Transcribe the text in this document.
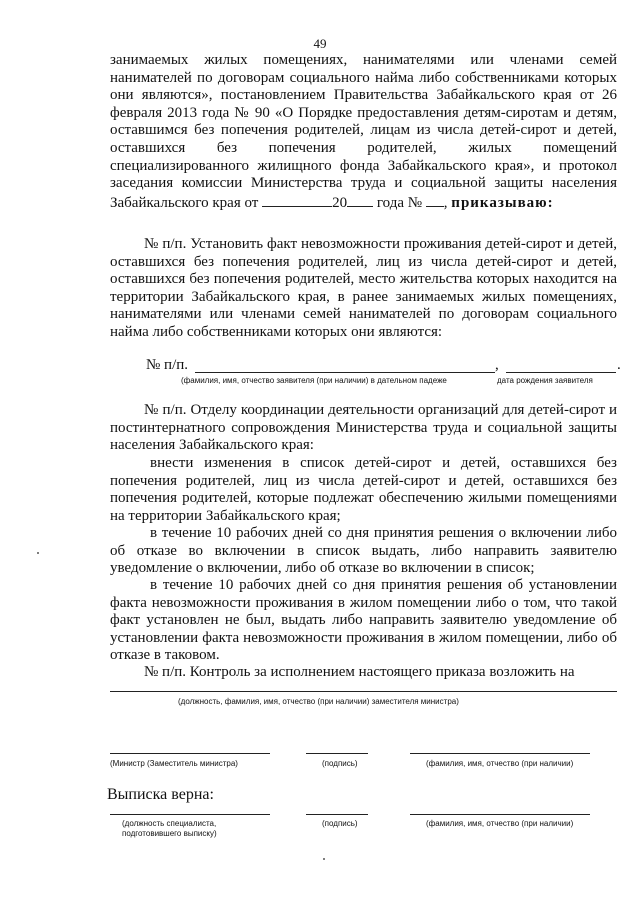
49

занимаемых жилых помещениях, нанимателями или членами семей нанимателей по договорам социального найма либо собственниками которых они являются», постановлением Правительства Забайкальского края от 26 февраля 2013 года № 90 «О Порядке предоставления детям-сиротам и детям, оставшимся без попечения родителей, лицам из числа детей-сирот и детей, оставшихся без попечения родителей, жилых помещений специализированного жилищного фонда Забайкальского края», и протокол заседания комиссии Министерства труда и социальной защиты населения Забайкальского края от	20 года № , приказываю:

№ п/п. Установить факт невозможности проживания детей-сирот и детей, оставшихся без попечения родителей, лиц из числа детей-сирот и детей, оставшихся без попечения родителей, место жительства которых находится на территории Забайкальского края, в ранее занимаемых жилых помещениях, нанимателями или членами семей нанимателей по договорам социального найма либо собственниками которых они являются:

№ п/п.	,	.
(фамилия, имя, отчество заявителя (при наличии) в дательном падеже	дата рождения заявителя

№ п/п. Отделу координации деятельности организаций для детей-сирот и постинтернатного сопровождения Министерства труда и социальной защиты населения Забайкальского края:

внести изменения в список детей-сирот и детей, оставшихся без попечения родителей, лиц из числа детей-сирот и детей, оставшихся без попечения родителей, которые подлежат обеспечению жилыми помещениями на территории Забайкальского края;

в течение 10 рабочих дней со дня принятия решения о включении либо об отказе во включении в список выдать, либо направить заявителю уведомление о включении, либо об отказе во включении в список;

в течение 10 рабочих дней со дня принятия решения об установлении факта невозможности проживания в жилом помещении либо о том, что такой факт установлен не был, выдать либо направить заявителю уведомление об установлении факта невозможности проживания в жилом помещении, либо об отказе в таковом.

№ п/п. Контроль за исполнением настоящего приказа возложить на

(должность, фамилия, имя, отчество (при наличии) заместителя министра)
(Министр (Заместитель министра)	(подпись)	(фамилия, имя, отчество (при наличии)
Выписка верна:
(должность специалиста,
подготовившего выписку)
(подпись)	(фамилия, имя, отчество (при наличии)
